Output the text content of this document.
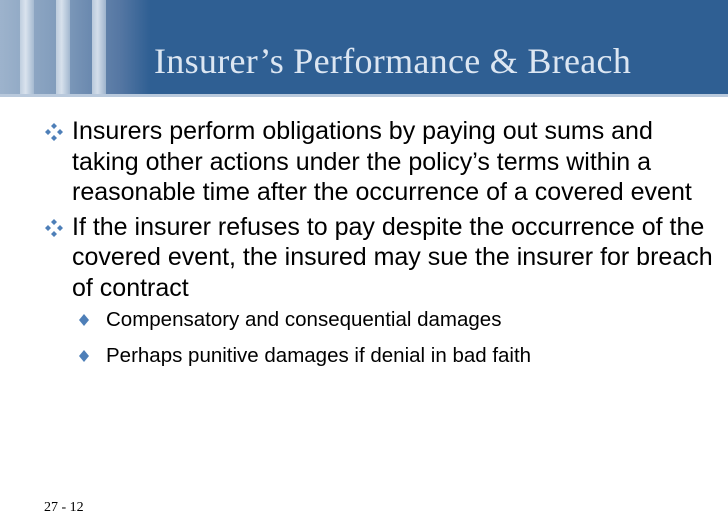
Insurer’s Performance & Breach
Insurers perform obligations by paying out sums and taking other actions under the policy’s terms within a reasonable time after the occurrence of a covered event
If the insurer refuses to pay despite the occurrence of the covered event, the insured may sue the insurer for breach of contract
Compensatory and consequential damages
Perhaps punitive damages if denial in bad faith
27 - 12
